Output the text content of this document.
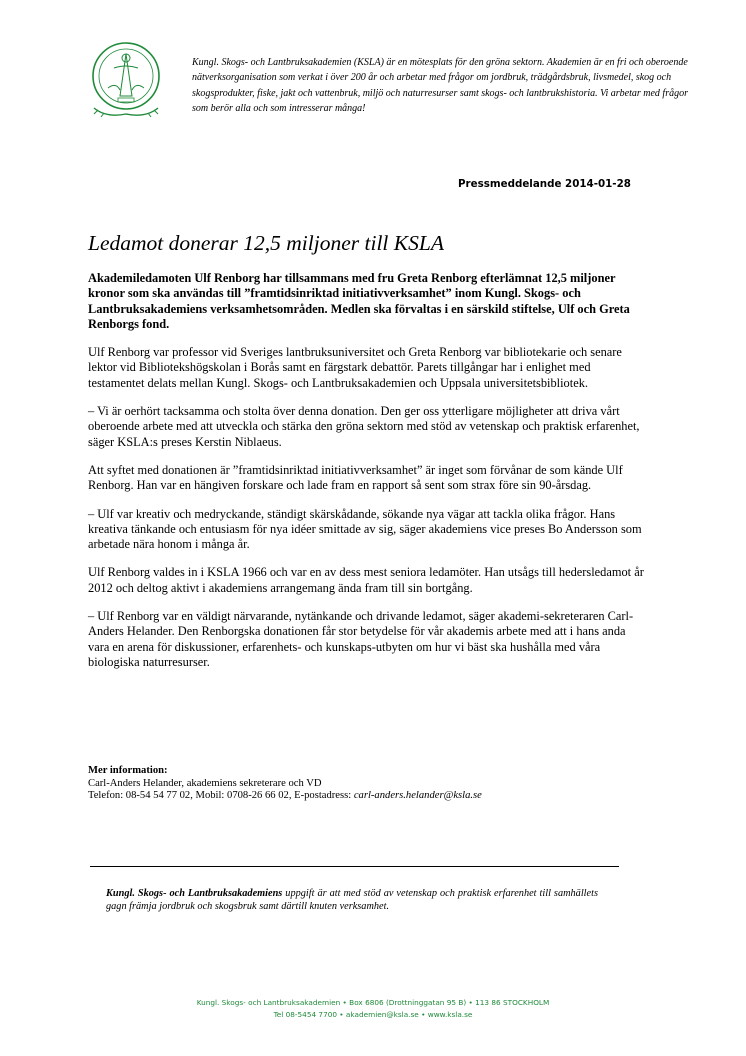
Kungl. Skogs- och Lantbruksakademien (KSLA) är en mötesplats för den gröna sektorn. Akademien är en fri och oberoende nätverksorganisation som verkat i över 200 år och arbetar med frågor om jordbruk, trädgårdsbruk, livsmedel, skog och skogsprodukter, fiske, jakt och vattenbruk, miljö och naturresurser samt skogs- och lantbrukshistoria. Vi arbetar med frågor som berör alla och som intresserar många!
Pressmeddelande 2014-01-28
Ledamot donerar 12,5 miljoner till KSLA

Akademiledamoten Ulf Renborg har tillsammans med fru Greta Renborg efterlämnat 12,5 miljoner kronor som ska användas till ”framtidsinriktad initiativverksamhet” inom Kungl. Skogs- och Lantbruksakademiens verksamhetsområden. Medlen ska förvaltas i en särskild stiftelse, Ulf och Greta Renborgs fond.

Ulf Renborg var professor vid Sveriges lantbruksuniversitet och Greta Renborg var bibliotekarie och senare lektor vid Bibliotekshögskolan i Borås samt en färgstark debattör. Parets tillgångar har i enlighet med testamentet delats mellan Kungl. Skogs- och Lantbruksakademien och Uppsala universitetsbibliotek.

– Vi är oerhört tacksamma och stolta över denna donation. Den ger oss ytterligare möjligheter att driva vårt oberoende arbete med att utveckla och stärka den gröna sektorn med stöd av vetenskap och praktisk erfarenhet, säger KSLA:s preses Kerstin Niblaeus.

Att syftet med donationen är ”framtidsinriktad initiativverksamhet” är inget som förvånar de som kände Ulf Renborg. Han var en hängiven forskare och lade fram en rapport så sent som strax före sin 90-årsdag.

– Ulf var kreativ och medryckande, ständigt skärskådande, sökande nya vägar att tackla olika frågor. Hans kreativa tänkande och entusiasm för nya idéer smittade av sig, säger akademiens vice preses Bo Andersson som arbetade nära honom i många år.

Ulf Renborg valdes in i KSLA 1966 och var en av dess mest seniora ledamöter. Han utsågs till hedersledamot år 2012 och deltog aktivt i akademiens arrangemang ända fram till sin bortgång.

– Ulf Renborg var en väldigt närvarande, nytänkande och drivande ledamot, säger akademi-sekreteraren Carl-Anders Helander. Den Renborgska donationen får stor betydelse för vår akademis arbete med att i hans anda vara en arena för diskussioner, erfarenhets- och kunskaps-utbyten om hur vi bäst ska hushålla med våra biologiska naturresurser.

Mer information:
Carl-Anders Helander, akademiens sekreterare och VD
Telefon: 08-54 54 77 02, Mobil: 0708-26 66 02, E-postadress: carl-anders.helander@ksla.se
Kungl. Skogs- och Lantbruksakademiens uppgift är att med stöd av vetenskap och praktisk erfarenhet till samhällets gagn främja jordbruk och skogsbruk samt därtill knuten verksamhet.
Kungl. Skogs- och Lantbruksakademien • Box 6806 (Drottninggatan 95 B) • 113 86 STOCKHOLM
Tel 08-5454 7700 • akademien@ksla.se • www.ksla.se
